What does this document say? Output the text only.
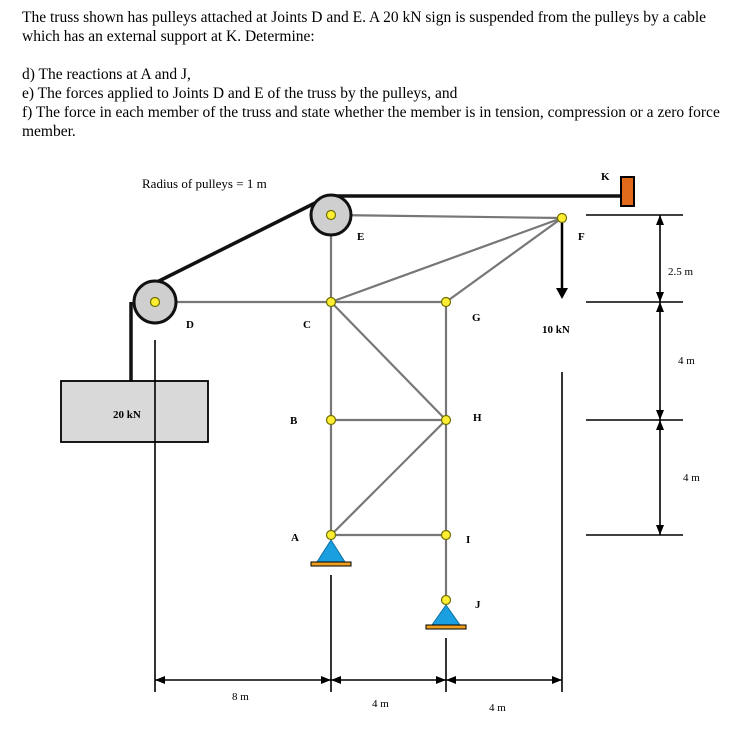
The truss shown has pulleys attached at Joints D and E. A 20 kN sign is suspended from the pulleys by a cable which has an external support at K. Determine:

d) The reactions at A and J,

e) The forces applied to Joints D and E of the truss by the pulleys, and

f) The force in each member of the truss and state whether the member is in tension, compression or a zero force member.

Radius of pulleys = 1 m	K
20 kN
10 kN
E	F
D	C
G
B	H
A	I
J
8 m
4 m	4 m
2.5 m
4 m
4 m
